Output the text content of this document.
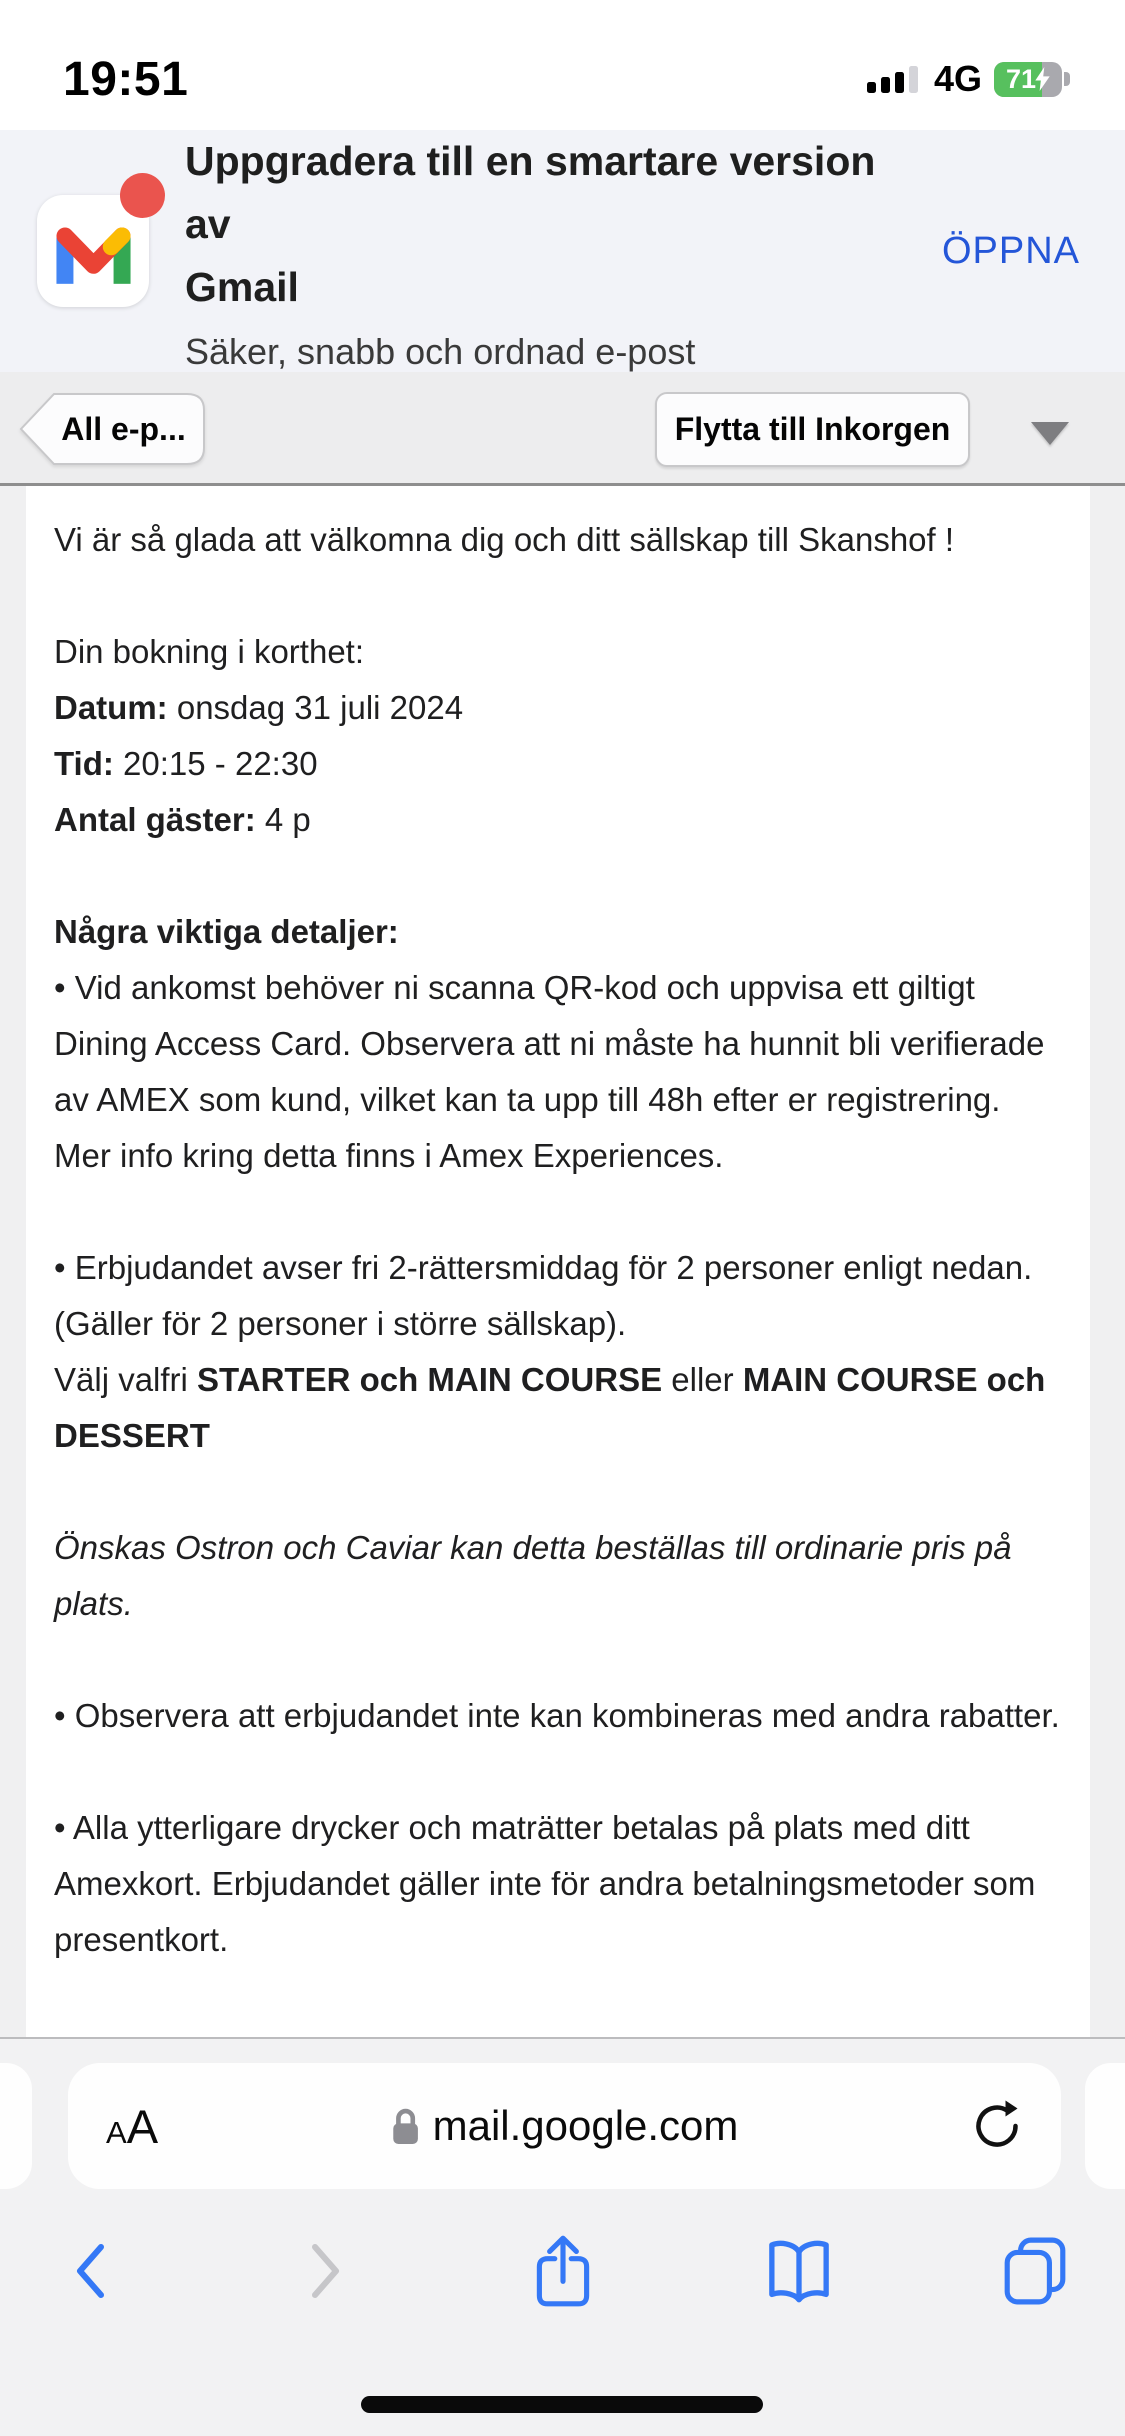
19:51	4G 71
Uppgradera till en smartare version av
Gmail
Säker, snabb och ordnad e-post
ÖPPNA
All e-p...	Flytta till Inkorgen
Vi är så glada att välkomna dig och ditt sällskap till Skanshof !
Din bokning i korthet:
Datum: onsdag 31 juli 2024
Tid: 20:15 - 22:30
Antal gäster: 4 p
Några viktiga detaljer:
• Vid ankomst behöver ni scanna QR-kod och uppvisa ett giltigt Dining Access Card. Observera att ni måste ha hunnit bli verifierade av AMEX som kund, vilket kan ta upp till 48h efter er registrering. Mer info kring detta finns i Amex Experiences.
• Erbjudandet avser fri 2-rättersmiddag för 2 personer enligt nedan. (Gäller för 2 personer i större sällskap).
Välj valfri STARTER och MAIN COURSE eller MAIN COURSE och DESSERT
Önskas Ostron och Caviar kan detta beställas till ordinarie pris på plats.
• Observera att erbjudandet inte kan kombineras med andra rabatter.
• Alla ytterligare drycker och maträtter betalas på plats med ditt Amexkort. Erbjudandet gäller inte för andra betalningsmetoder som presentkort.
A A	mail.google.com
